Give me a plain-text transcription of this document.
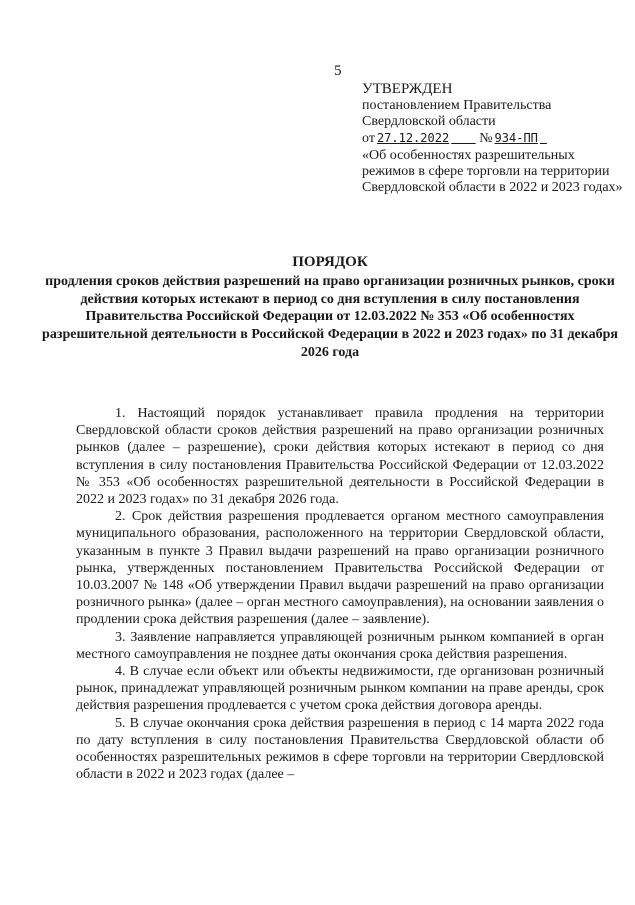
5
УТВЕРЖДЕН
постановлением Правительства
Свердловской области
от 27.12.2022 № 934-ПП
«Об особенностях разрешительных режимов в сфере торговли на территории Свердловской области в 2022 и 2023 годах»
ПОРЯДОК
продления сроков действия разрешений на право организации розничных рынков, сроки действия которых истекают в период со дня вступления в силу постановления Правительства Российской Федерации от 12.03.2022 № 353 «Об особенностях разрешительной деятельности в Российской Федерации в 2022 и 2023 годах» по 31 декабря 2026 года

1. Настоящий порядок устанавливает правила продления на территории Свердловской области сроков действия разрешений на право организации розничных рынков (далее – разрешение), сроки действия которых истекают в период со дня вступления в силу постановления Правительства Российской Федерации от 12.03.2022 № 353 «Об особенностях разрешительной деятельности в Российской Федерации в 2022 и 2023 годах» по 31 декабря 2026 года.

2. Срок действия разрешения продлевается органом местного самоуправления муниципального образования, расположенного на территории Свердловской области, указанным в пункте 3 Правил выдачи разрешений на право организации розничного рынка, утвержденных постановлением Правительства Российской Федерации от 10.03.2007 № 148 «Об утверждении Правил выдачи разрешений на право организации розничного рынка» (далее – орган местного самоуправления), на основании заявления о продлении срока действия разрешения (далее – заявление).

3. Заявление направляется управляющей розничным рынком компанией в орган местного самоуправления не позднее даты окончания срока действия разрешения.

4. В случае если объект или объекты недвижимости, где организован розничный рынок, принадлежат управляющей розничным рынком компании на праве аренды, срок действия разрешения продлевается с учетом срока действия договора аренды.

5. В случае окончания срока действия разрешения в период с 14 марта 2022 года по дату вступления в силу постановления Правительства Свердловской области об особенностях разрешительных режимов в сфере торговли на территории Свердловской области в 2022 и 2023 годах (далее –
